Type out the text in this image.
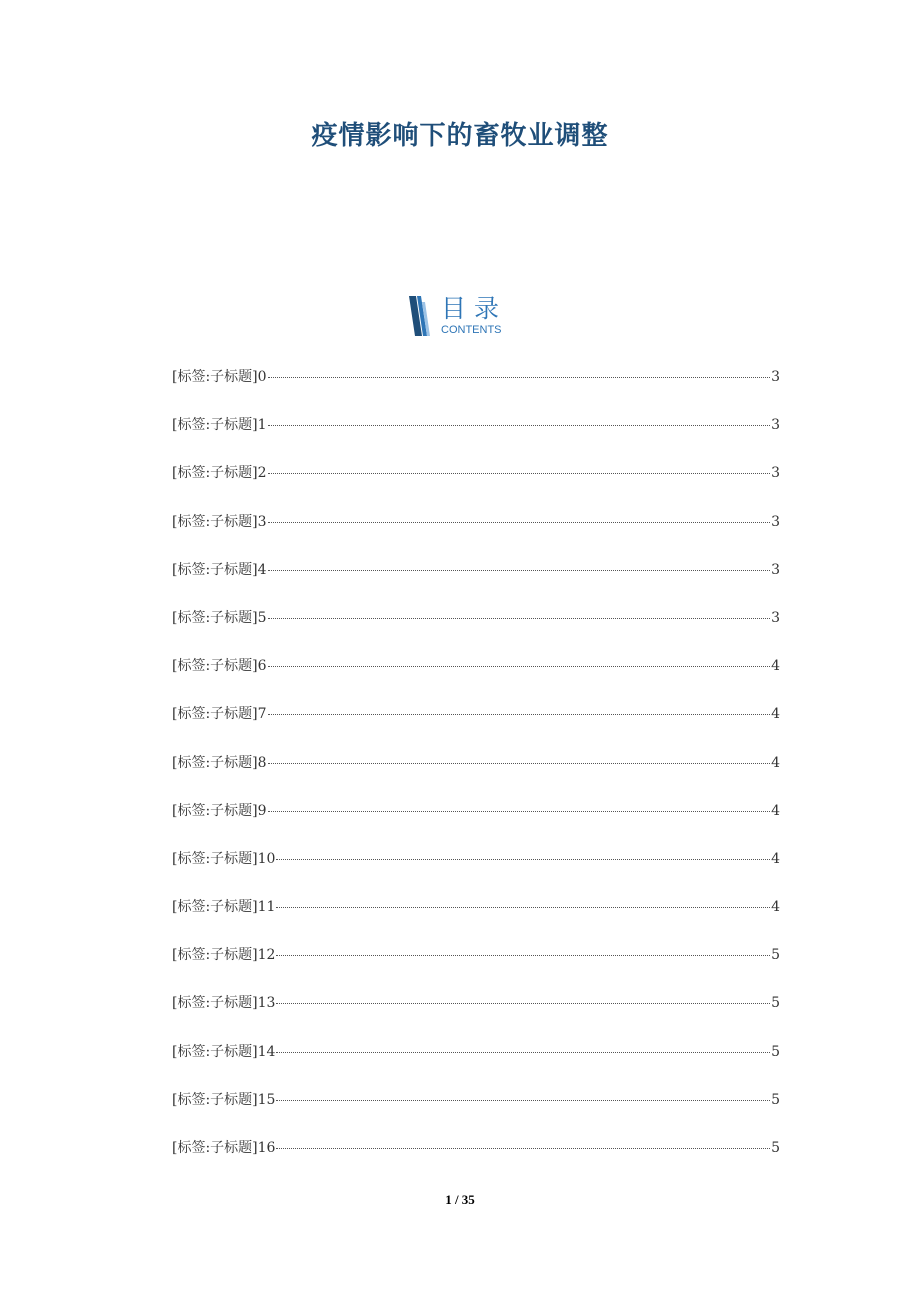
疫情影响下的畜牧业调整
目录
CONTENTS
[标签:子标题]0	3
[标签:子标题]1	3
[标签:子标题]2	3
[标签:子标题]3	3
[标签:子标题]4	3
[标签:子标题]5	3
[标签:子标题]6	4
[标签:子标题]7	4
[标签:子标题]8	4
[标签:子标题]9	4
[标签:子标题]10	4
[标签:子标题]11	4
[标签:子标题]12	5
[标签:子标题]13	5
[标签:子标题]14	5
[标签:子标题]15	5
[标签:子标题]16	5
1 / 35
